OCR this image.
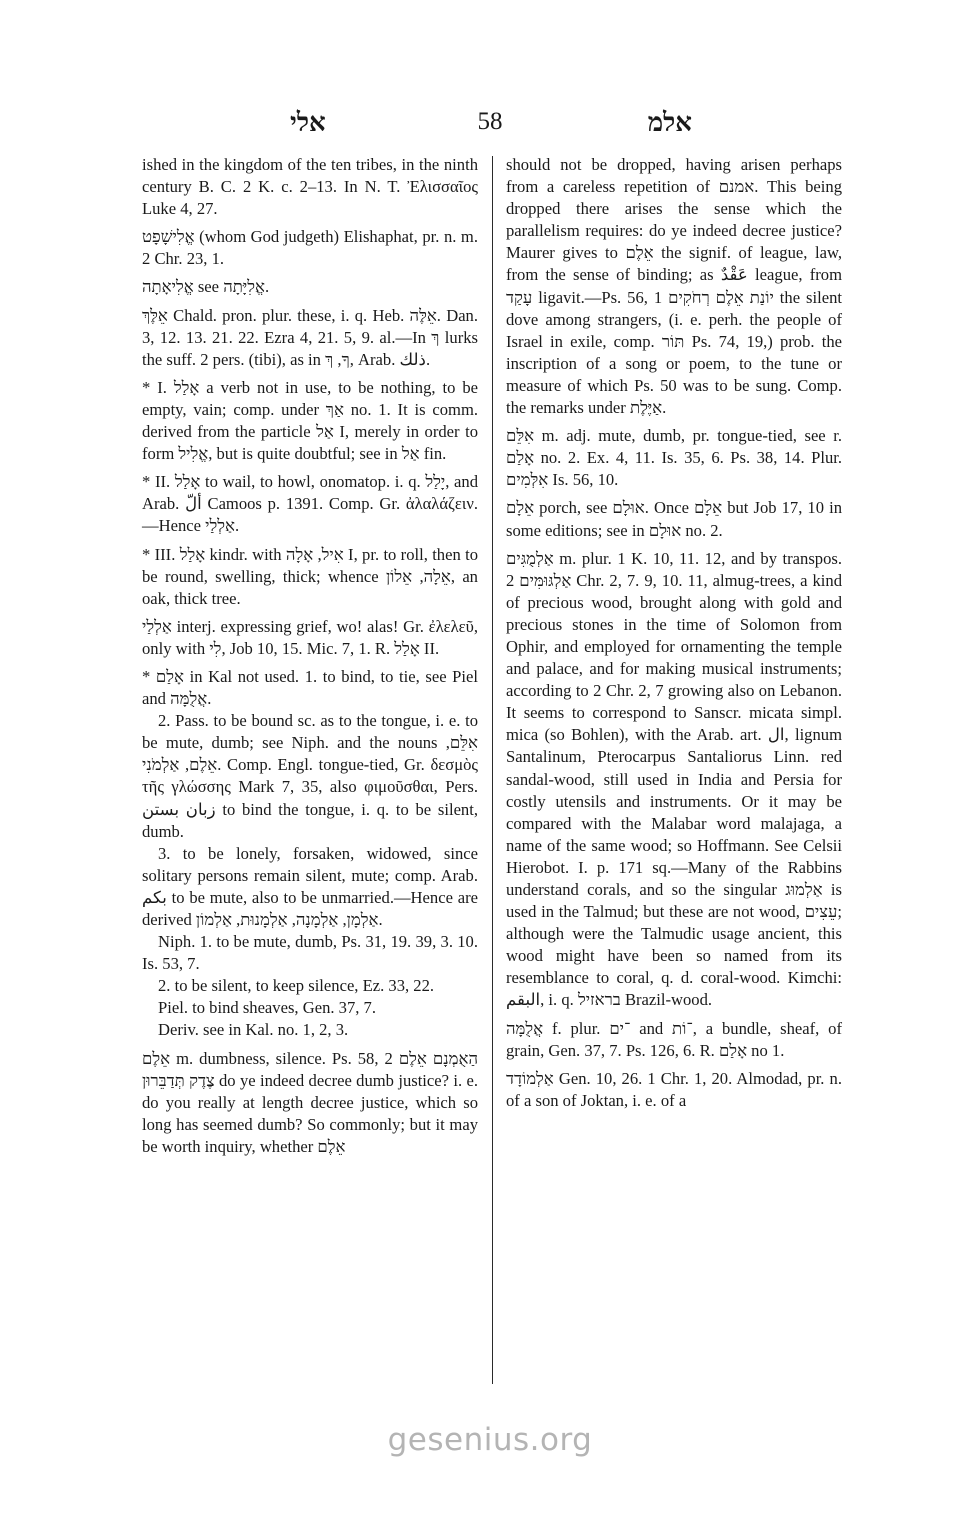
אלי	58	אלמ

ished in the kingdom of the ten tribes, in the ninth century B. C. 2 K. c. 2–13. In N. T. Ἐλισσαῖος Luke 4, 27.

אֱלִישָׁפָט (whom God judgeth) Elishaphat, pr. n. m. 2 Chr. 23, 1.

אֱלִיאָתָה see אֱלִיָּתָה.

אֵלֶּךְ Chald. pron. plur. these, i. q. Heb. אֵלֶּה. Dan. 3, 12. 13. 21. 22. Ezra 4, 21. 5, 9. al.—In ךְ lurks the suff. 2 pers. (tibi), as in ךָ, ךְ, Arab. ذلك.

* I. אָלַל a verb not in use, to be nothing, to be empty, vain; comp. under אַךְ no. 1. It is comm. derived from the particle אַל I, merely in order to form אֱלִיל, but is quite doubtful; see in אַל fin.

* II. אָלַל to wail, to howl, onomatop. i. q. יָלַל, and Arab. ألّ Camoos p. 1391. Comp. Gr. ἀλαλάζειν.—Hence אַלְלַי.

* III. אָלַל kindr. with אִיל, אָלָה I, pr. to roll, then to be round, swelling, thick; whence אֵלָה, אֵלוֹן, an oak, thick tree.

אַלְלַי interj. expressing grief, wo! alas! Gr. ἐλελεῦ, only with לִי, Job 10, 15. Mic. 7, 1. R. אָלַל II.

* אָלַם in Kal not used. 1. to bind, to tie, see Piel and אֲלֻמָּה.

2. Pass. to be bound sc. as to the tongue, i. e. to be mute, dumb; see Niph. and the nouns אִלֵּם, אֵלֶם, אַלְמֹנִי. Comp. Engl. tongue-tied, Gr. δεσμὸς τῆς γλώσσης Mark 7, 35, also φιμοῦσθαι, Pers. زبان بستن to bind the tongue, i. q. to be silent, dumb.

3. to be lonely, forsaken, widowed, since solitary persons remain silent, mute; comp. Arab. بكم to be mute, also to be unmarried.—Hence are derived אַלְמָן, אַלְמָנָה, אַלְמָנוּת, אַלְמוֹן.

Niph. 1. to be mute, dumb, Ps. 31, 19. 39, 3. 10. Is. 53, 7.

2. to be silent, to keep silence, Ez. 33, 22.

Piel. to bind sheaves, Gen. 37, 7.

Deriv. see in Kal. no. 1, 2, 3.

אֵלֶם m. dumbness, silence. Ps. 58, 2 הַאֻמְנָם אֵלֶם צֶדֶק תְּדַבֵּרוּן do ye indeed decree dumb justice? i. e. do you really at length decree justice, which so long has seemed dumb? So commonly; but it may be worth inquiry, whether אֵלֶם

should not be dropped, having arisen perhaps from a careless repetition of אמנם. This being dropped there arises the sense which the parallelism requires: do ye indeed decree justice? Maurer gives to אֵלֶם the signif. of league, law, from the sense of binding; as عَقْدٌ league, from עָקַד ligavit.—Ps. 56, 1 יוֹנַת אֵלֶם רְחֹקִים the silent dove among strangers, (i. e. perh. the people of Israel in exile, comp. תּוֹר Ps. 74, 19,) prob. the inscription of a song or poem, to the tune or measure of which Ps. 50 was to be sung. Comp. the remarks under אַיֶּלֶת.

אִלֵּם m. adj. mute, dumb, pr. tongue-tied, see r. אָלַם no. 2. Ex. 4, 11. Is. 35, 6. Ps. 38, 14. Plur. אִלְּמִים Is. 56, 10.

אֵלָם porch, see אוּלָם. Once אֵלָם but Job 17, 10 in some editions; see in אוּלָם no. 2.

אַלְמֻגִּים m. plur. 1 K. 10, 11. 12, and by transpos. אַלְגּוּמִּים 2 Chr. 2, 7. 9, 10. 11, almug-trees, a kind of precious wood, brought along with gold and precious stones in the time of Solomon from Ophir, and employed for ornamenting the temple and palace, and for making musical instruments; according to 2 Chr. 2, 7 growing also on Lebanon. It seems to correspond to Sanscr. micata simpl. mica (so Bohlen), with the Arab. art. ال, lignum Santalinum, Pterocarpus Santaliorus Linn. red sandal-wood, still used in India and Persia for costly utensils and instruments. Or it may be compared with the Malabar word malajaga, a name of the same wood; so Hoffmann. See Celsii Hierobot. I. p. 171 sq.—Many of the Rabbins understand corals, and so the singular אַלְמוּג is used in the Talmud; but these are not wood, עֵצִים; although were the Talmudic usage ancient, this wood might have been so named from its resemblance to coral, q. d. coral-wood. Kimchi: البقم, i. q. בראזיל Brazil-wood.

אֲלֻמָּה f. plur. ־ים and ־וֹת, a bundle, sheaf, of grain, Gen. 37, 7. Ps. 126, 6. R. אָלַם no 1.

אַלְמוֹדָד Gen. 10, 26. 1 Chr. 1, 20. Almodad, pr. n. of a son of Joktan, i. e. of a

gesenius.org
